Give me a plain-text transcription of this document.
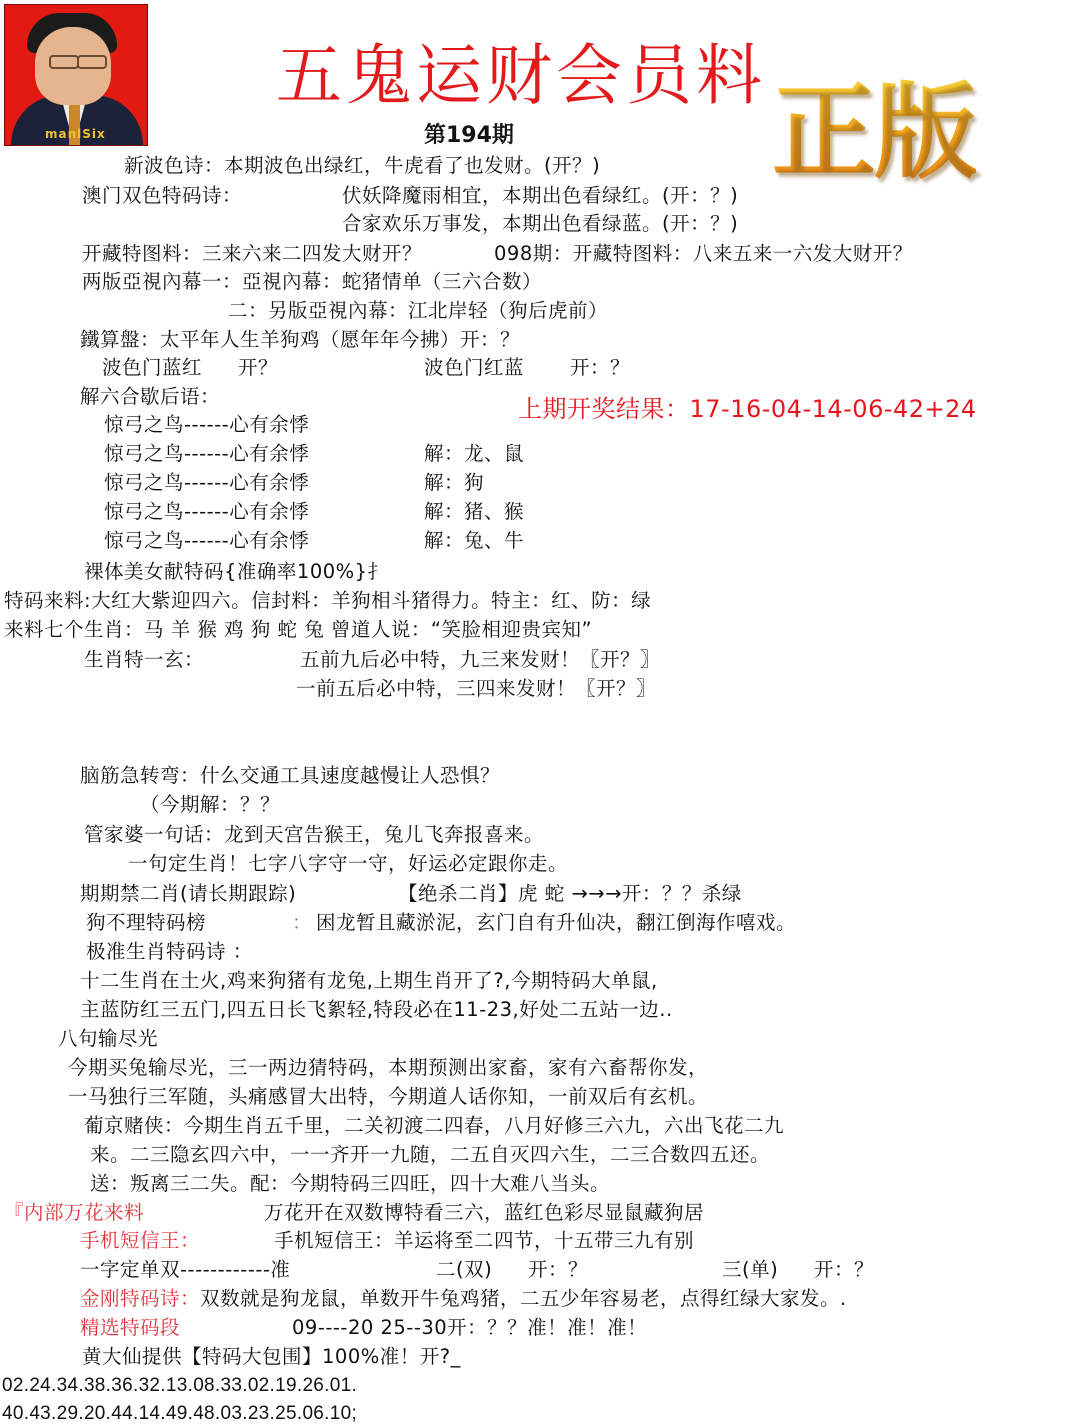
manlSix
五鬼运财会员料
第194期 正版
新波色诗：本期波色出绿红，牛虎看了也发财。(开？)
澳门双色特码诗：	伏妖降魔雨相宜，本期出色看绿红。(开：？)
合家欢乐万事发，本期出色看绿蓝。(开：？)
开藏特图料：三来六来二四发大财开？	098期：开藏特图料：八来五来一六发大财开？
两版亞視內幕一：亞視內幕：蛇猪情单（三六合数）
二：另版亞視內幕：江北岸轻（狗后虎前）
鐵算盤：太平年人生羊狗鸡（愿年年今拂）开：？
波色门蓝红 开？	波色门红蓝 开：？
上期开奖结果：17-16-04-14-06-42+24
解六合歇后语：
惊弓之鸟------心有余悸
惊弓之鸟------心有余悸	解：龙、鼠
惊弓之鸟------心有余悸	解：狗
惊弓之鸟------心有余悸	解：猪、猴
惊弓之鸟------心有余悸	解：兔、牛
裸体美女献特码{准确率100%}扌
特码来料:大红大紫迎四六。信封料：羊狗相斗猪得力。特主：红、防：绿
来料七个生肖：马 羊 猴 鸡 狗 蛇 兔 曾道人说：“笑脸相迎贵宾知”
生肖特一玄：	五前九后必中特，九三来发财！〖开？〗
一前五后必中特，三四来发财！〖开？〗
脑筋急转弯：什么交通工具速度越慢让人恐惧？
（今期解：？？
管家婆一句话：龙到天宫告猴王，兔儿飞奔报喜来。
一句定生肖！七字八字守一守，好运必定跟你走。
期期禁二肖(请长期跟踪)	【绝杀二肖】虎 蛇 →→→开：？？杀绿
狗不理特码榜	： 困龙暂且藏淤泥，玄门自有升仙决，翻江倒海作嘻戏。
极准生肖特码诗 ：
十二生肖在土火,鸡来狗猪有龙兔,上期生肖开了?,今期特码大单鼠,
主蓝防红三五门,四五日长飞絮轻,特段必在11-23,好处二五站一边..
八句输尽光
今期买兔输尽光，三一两边猜特码，本期预测出家畜，家有六畜帮你发，
一马独行三军随，头痛感冒大出特，今期道人话你知，一前双后有玄机。
葡京赌侠：今期生肖五千里，二关初渡二四春，八月好修三六九，六出飞花二九
来。二三隐玄四六中，一一齐开一九随，二五自灭四六生，二三合数四五还。
送：叛离三二失。配：今期特码三四旺，四十大难八当头。
『内部万花来料	万花开在双数博特看三六，蓝红色彩尽显鼠藏狗居
手机短信王：	手机短信王：羊运将至二四节，十五带三九有别
一字定单双------------准	二(双) 开：？	三(单) 开：？
金刚特码诗：双数就是狗龙鼠，单数开牛兔鸡猪，二五少年容易老，点得红绿大家发。.
精选特码段	09----20 25--30开：？？准！准！准！
黄大仙提供【特码大包围】100%准！开?_
02.24.34.38.36.32.13.08.33.02.19.26.01.
40.43.29.20.44.14.49.48.03.23.25.06.10;
